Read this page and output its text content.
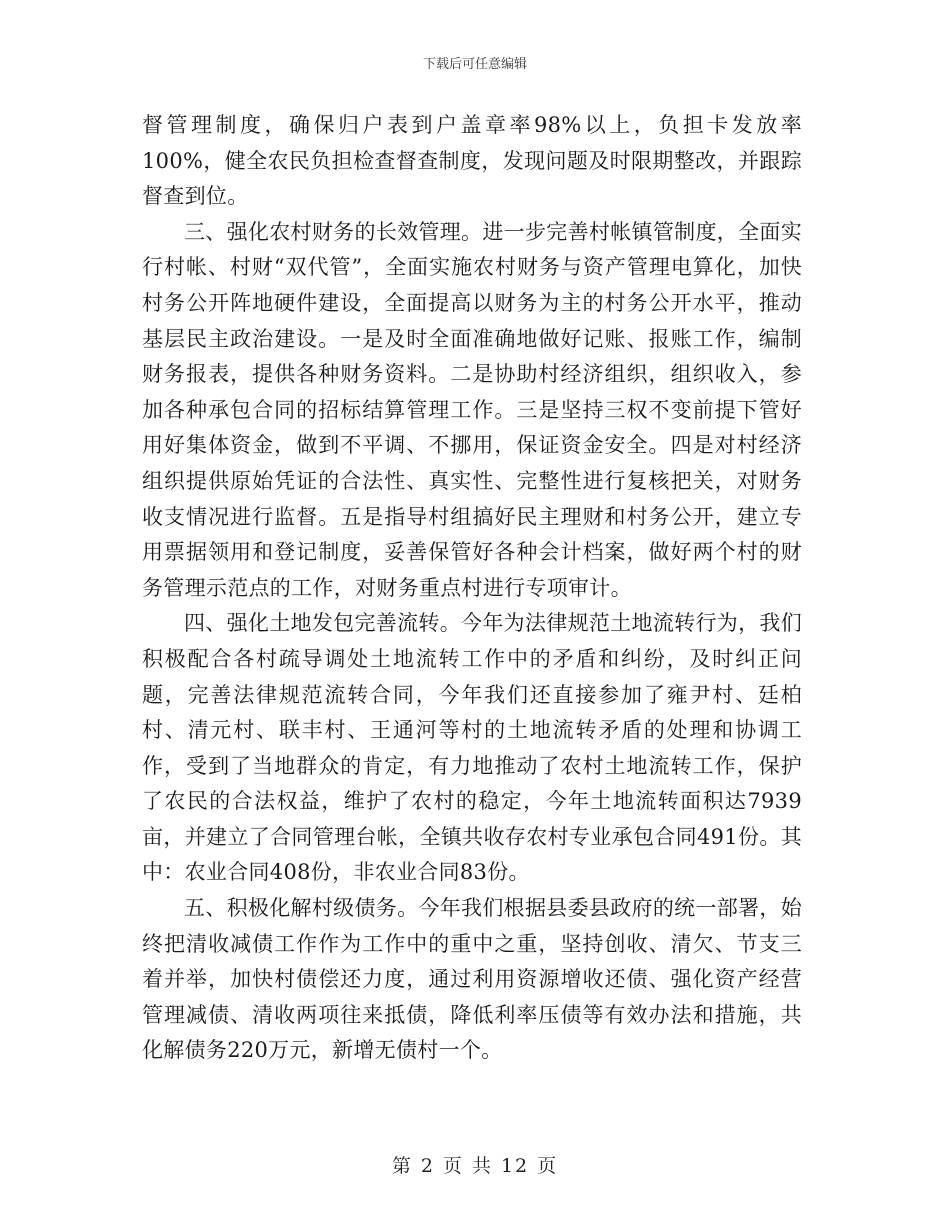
下载后可任意编辑

督管理制度，确保归户表到户盖章率98%以上，负担卡发放率100%，健全农民负担检查督查制度，发现问题及时限期整改，并跟踪督查到位。

三、强化农村财务的长效管理。进一步完善村帐镇管制度，全面实行村帐、村财“双代管”，全面实施农村财务与资产管理电算化，加快村务公开阵地硬件建设，全面提高以财务为主的村务公开水平，推动基层民主政治建设。一是及时全面准确地做好记账、报账工作，编制财务报表，提供各种财务资料。二是协助村经济组织，组织收入，参加各种承包合同的招标结算管理工作。三是坚持三权不变前提下管好用好集体资金，做到不平调、不挪用，保证资金安全。四是对村经济组织提供原始凭证的合法性、真实性、完整性进行复核把关，对财务收支情况进行监督。五是指导村组搞好民主理财和村务公开，建立专用票据领用和登记制度，妥善保管好各种会计档案，做好两个村的财务管理示范点的工作，对财务重点村进行专项审计。

四、强化土地发包完善流转。今年为法律规范土地流转行为，我们积极配合各村疏导调处土地流转工作中的矛盾和纠纷，及时纠正问题，完善法律规范流转合同，今年我们还直接参加了雍尹村、廷柏村、清元村、联丰村、王通河等村的土地流转矛盾的处理和协调工作，受到了当地群众的肯定，有力地推动了农村土地流转工作，保护了农民的合法权益，维护了农村的稳定，今年土地流转面积达7939亩，并建立了合同管理台帐，全镇共收存农村专业承包合同491份。其中：农业合同408份，非农业合同83份。

五、积极化解村级债务。今年我们根据县委县政府的统一部署，始终把清收减债工作作为工作中的重中之重，坚持创收、清欠、节支三着并举，加快村债偿还力度，通过利用资源增收还债、强化资产经营管理减债、清收两项往来抵债，降低利率压债等有效办法和措施，共化解债务220万元，新增无债村一个。

第 2 页 共 12 页
